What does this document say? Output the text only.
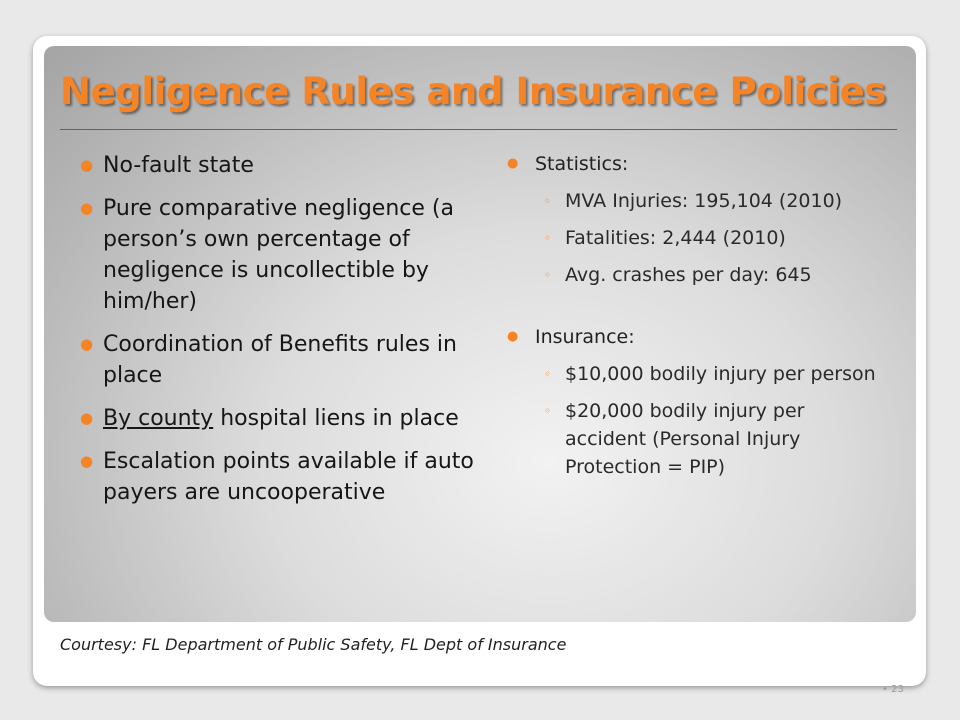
Negligence Rules and Insurance Policies
● No-fault state
● Pure comparative negligence (a person’s own percentage of negligence is uncollectible by him/her)
● Coordination of Benefits rules in place
● By county hospital liens in place
● Escalation points available if auto payers are uncooperative
● Statistics:
◦ MVA Injuries: 195,104 (2010)
◦ Fatalities: 2,444 (2010)
◦ Avg. crashes per day: 645
● Insurance:
◦ $10,000 bodily injury per person
◦ $20,000 bodily injury per accident (Personal Injury Protection = PIP)

Courtesy: FL Department of Public Safety, FL Dept of Insurance

• 23
